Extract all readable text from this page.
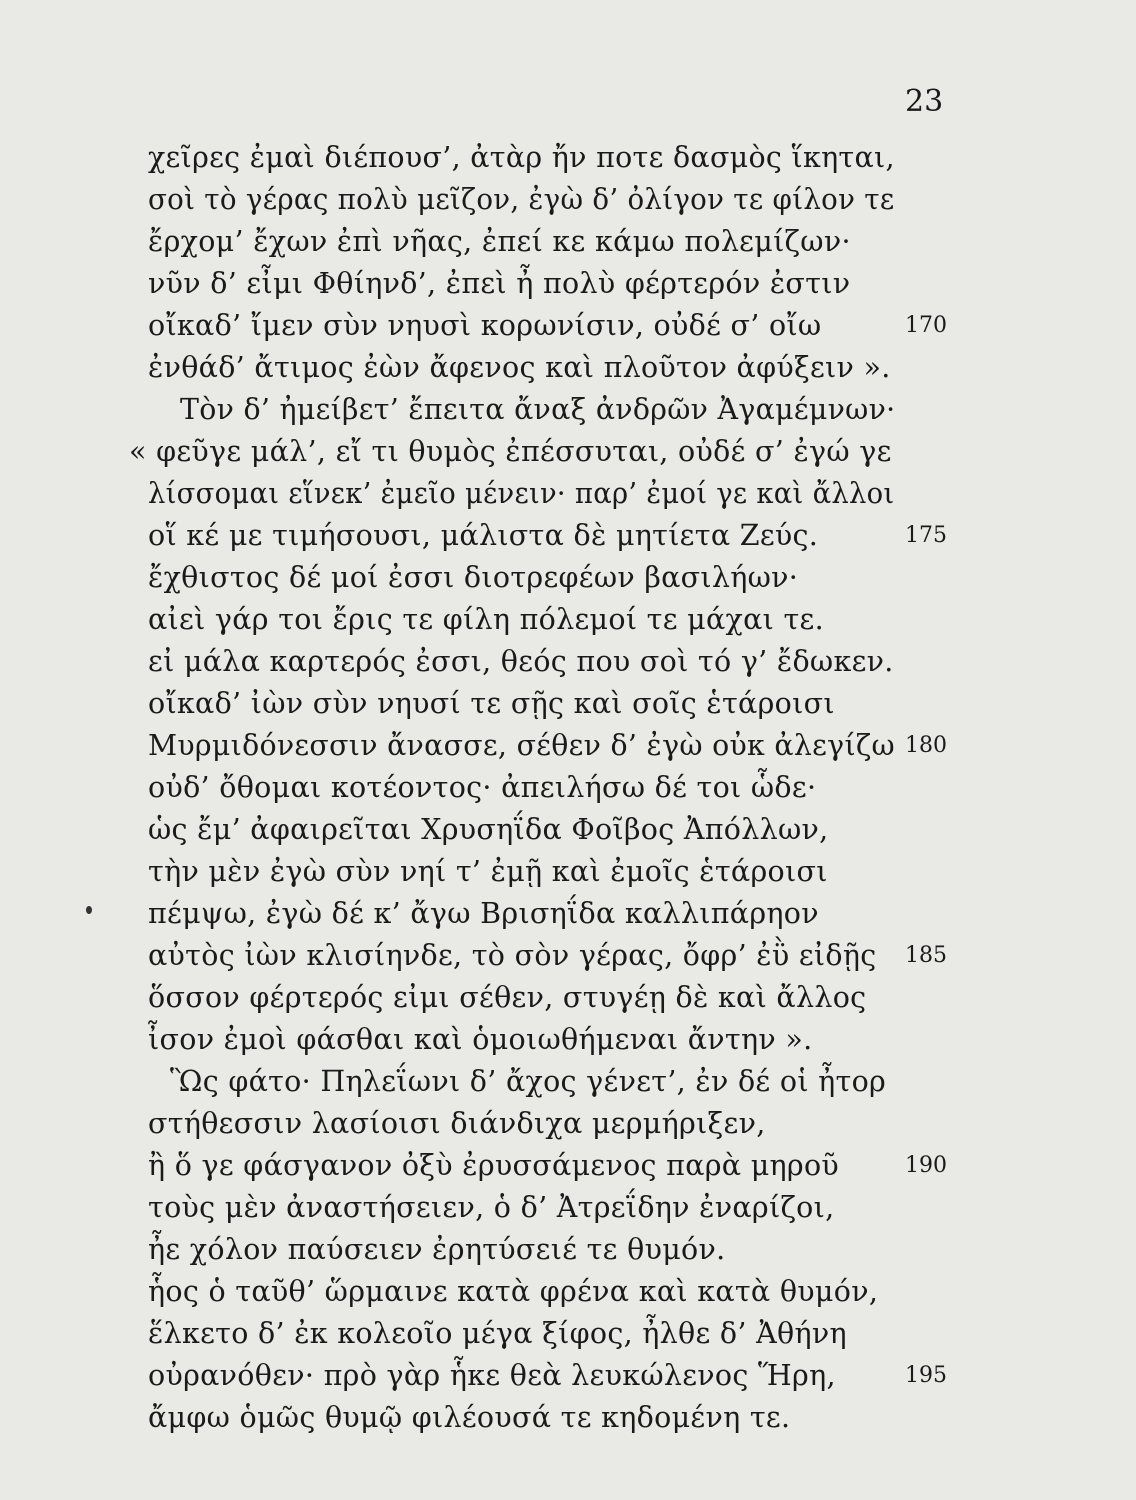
23
χεῖρες ἐμαὶ διέπουσ’, ἀτὰρ ἤν ποτε δασμὸς ἵκηται,
σοὶ τὸ γέρας πολὺ μεῖζον, ἐγὼ δ’ ὀλίγον τε φίλον τε
ἔρχομ’ ἔχων ἐπὶ νῆας, ἐπεί κε κάμω πολεμίζων·
νῦν δ’ εἶμι Φθίηνδ’, ἐπεὶ ἦ πολὺ φέρτερόν ἐστιν
οἴκαδ’ ἴμεν σὺν νηυσὶ κορωνίσιν, οὐδέ σ’ οἴω	170
ἐνθάδ’ ἄτιμος ἐὼν ἄφενος καὶ πλοῦτον ἀφύξειν ».
Τὸν δ’ ἠμείβετ’ ἔπειτα ἄναξ ἀνδρῶν Ἀγαμέμνων·
« φεῦγε μάλ’, εἴ τι θυμὸς ἐπέσσυται, οὐδέ σ’ ἐγώ γε
λίσσομαι εἵνεκ’ ἐμεῖο μένειν· παρ’ ἐμοί γε καὶ ἄλλοι
οἵ κέ με τιμήσουσι, μάλιστα δὲ μητίετα Ζεύς.	175
ἔχθιστος δέ μοί ἐσσι διοτρεφέων βασιλήων·
αἰεὶ γάρ τοι ἔρις τε φίλη πόλεμοί τε μάχαι τε.
εἰ μάλα καρτερός ἐσσι, θεός που σοὶ τό γ’ ἔδωκεν.
οἴκαδ’ ἰὼν σὺν νηυσί τε σῇς καὶ σοῖς ἑτάροισι
Μυρμιδόνεσσιν ἄνασσε, σέθεν δ’ ἐγὼ οὐκ ἀλεγίζω 180
οὐδ’ ὄθομαι κοτέοντος· ἀπειλήσω δέ τοι ὧδε·
ὡς ἔμ’ ἀφαιρεῖται Χρυσηΐδα Φοῖβος Ἀπόλλων,
τὴν μὲν ἐγὼ σὺν νηί τ’ ἐμῇ καὶ ἐμοῖς ἑτάροισι
πέμψω, ἐγὼ δέ κ’ ἄγω Βρισηΐδα καλλιπάρηον
αὐτὸς ἰὼν κλισίηνδε, τὸ σὸν γέρας, ὄφρ’ ἐῢ εἰδῇς 185
ὅσσον φέρτερός εἰμι σέθεν, στυγέῃ δὲ καὶ ἄλλος
ἶσον ἐμοὶ φάσθαι καὶ ὁμοιωθήμεναι ἄντην ».
Ὣς φάτο· Πηλεΐωνι δ’ ἄχος γένετ’, ἐν δέ οἱ ἦτορ
στήθεσσιν λασίοισι διάνδιχα μερμήριξεν,
ἢ ὅ γε φάσγανον ὀξὺ ἐρυσσάμενος παρὰ μηροῦ	190
τοὺς μὲν ἀναστήσειεν, ὁ δ’ Ἀτρεΐδην ἐναρίζοι,
ἦε χόλον παύσειεν ἐρητύσειέ τε θυμόν.
ἧος ὁ ταῦθ’ ὥρμαινε κατὰ φρένα καὶ κατὰ θυμόν,
ἕλκετο δ’ ἐκ κολεοῖο μέγα ξίφος, ἦλθε δ’ Ἀθήνη
οὐρανόθεν· πρὸ γὰρ ἧκε θεὰ λευκώλενος Ἥρη,	195
ἄμφω ὁμῶς θυμῷ φιλέουσά τε κηδομένη τε.
